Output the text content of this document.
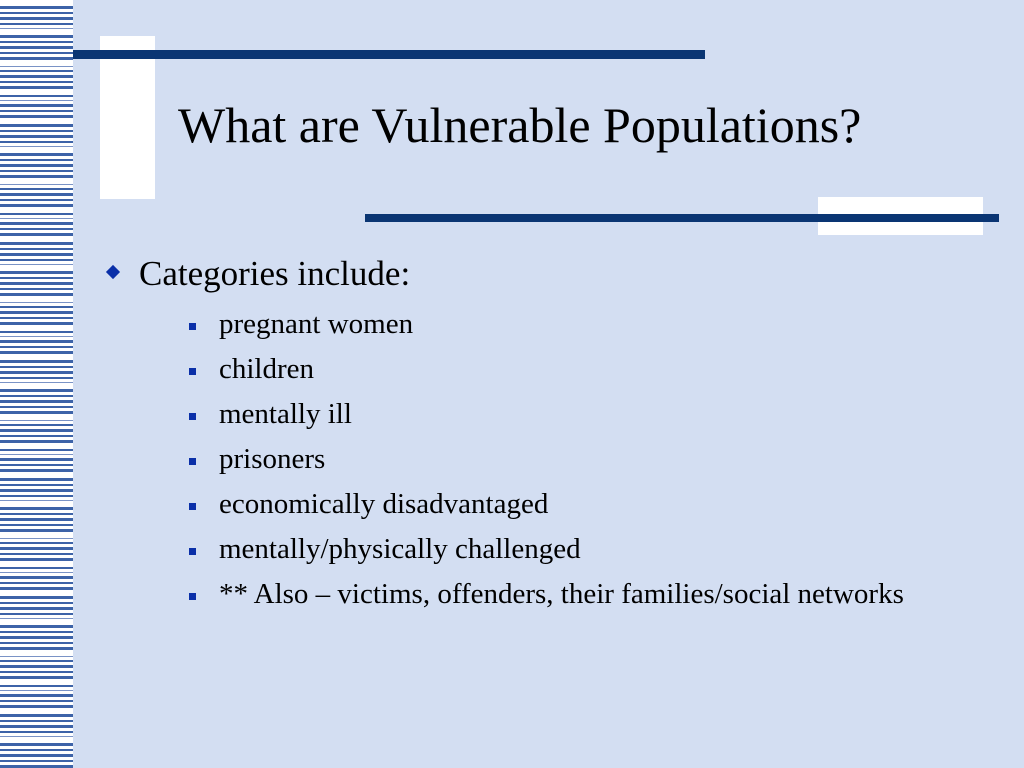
What are Vulnerable Populations?
Categories include:
pregnant women
children
mentally ill
prisoners
economically disadvantaged
mentally/physically challenged
** Also – victims, offenders, their families/social networks
